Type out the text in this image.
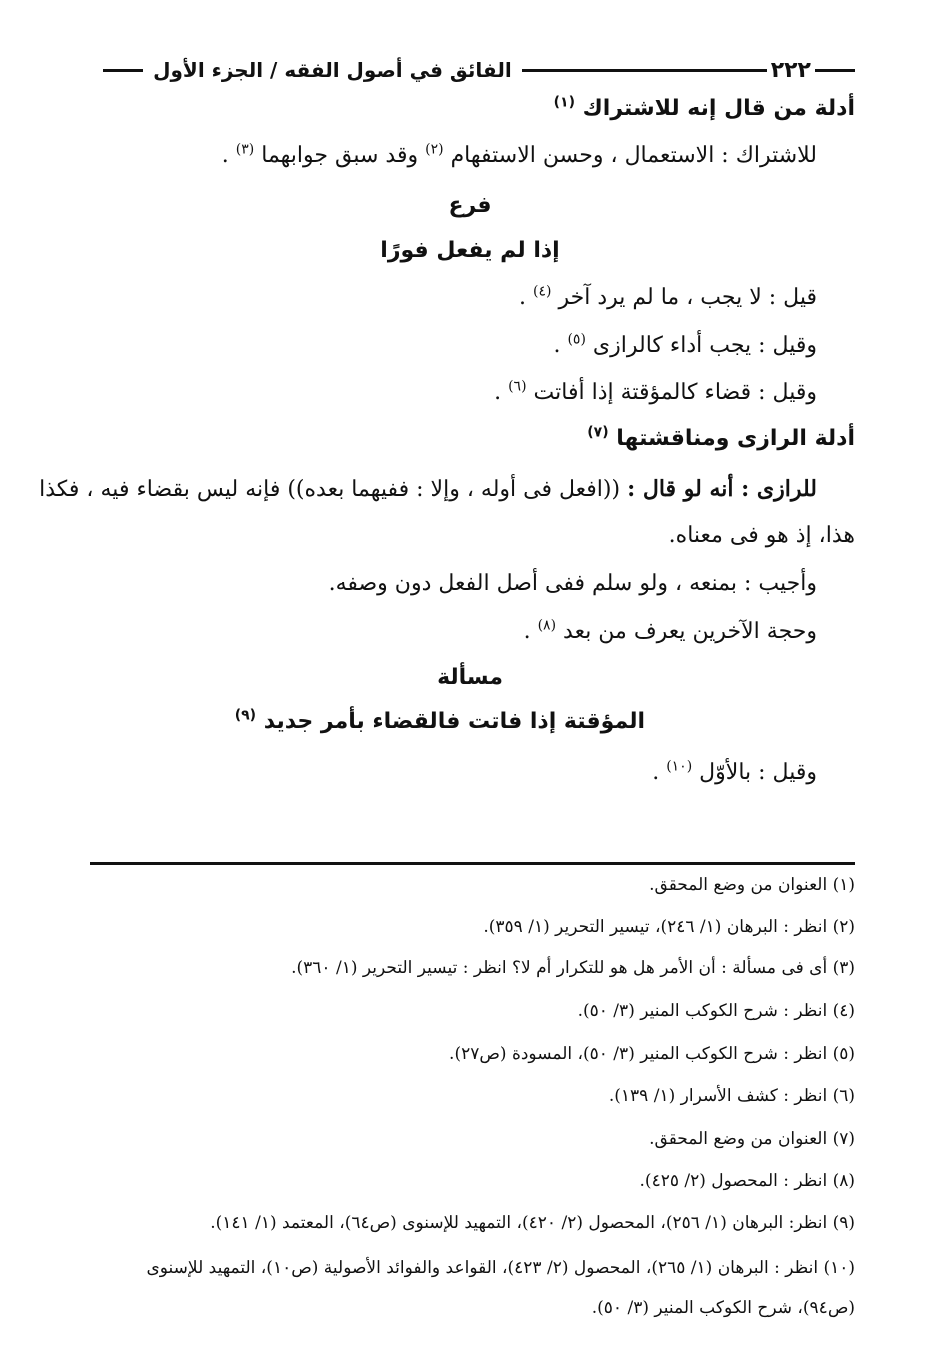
٢٢٢
الفائق في أصول الفقه / الجزء الأول
أدلة من قال إنه للاشتراك $^{(١)}$
للاشتراك : الاستعمال ، وحسن الاستفهام $^{(٢)}$ وقد سبق جوابهما $^{(٣)}$ .
فرع
إذا لم يفعل فورًا
قيل : لا يجب ، ما لم يرد آخر $^{(٤)}$ .
وقيل : يجب أداء كالرازى $^{(٥)}$ .
وقيل : قضاء كالمؤقتة إذا أفاتت $^{(٦)}$ .
أدلة الرازى ومناقشتها $^{(٧)}$
للرازى : أنه لو قال : ((افعل فى أوله ، وإلا : ففيهما بعده)) فإنه ليس بقضاء فيه ، فكذا
هذا، إذ هو فى معناه.
وأجيب : بمنعه ، ولو سلم ففى أصل الفعل دون وصفه.
وحجة الآخرين يعرف من بعد $^{(٨)}$ .
مسألة
المؤقتة إذا فاتت فالقضاء بأمر جديد $^{(٩)}$
وقيل : بالأوّل $^{(١٠)}$ .
(١) العنوان من وضع المحقق.
(٢) انظر : البرهان (١/ ٢٤٦)، تيسير التحرير (١/ ٣٥٩).
(٣) أى فى مسألة : أن الأمر هل هو للتكرار أم لا؟ انظر : تيسير التحرير (١/ ٣٦٠).
(٤) انظر : شرح الكوكب المنير (٣/ ٥٠).
(٥) انظر : شرح الكوكب المنير (٣/ ٥٠)، المسودة (ص٢٧).
(٦) انظر : كشف الأسرار (١/ ١٣٩).
(٧) العنوان من وضع المحقق.
(٨) انظر : المحصول (٢/ ٤٢٥).
(٩) انظر: البرهان (١/ ٢٥٦)، المحصول (٢/ ٤٢٠)، التمهيد للإسنوى (ص٦٤)، المعتمد (١/ ١٤١).
(١٠) انظر : البرهان (١/ ٢٦٥)، المحصول (٢/ ٤٢٣)، القواعد والفوائد الأصولية (ص١٠)، التمهيد للإسنوى (ص٩٤)، شرح الكوكب المنير (٣/ ٥٠).
